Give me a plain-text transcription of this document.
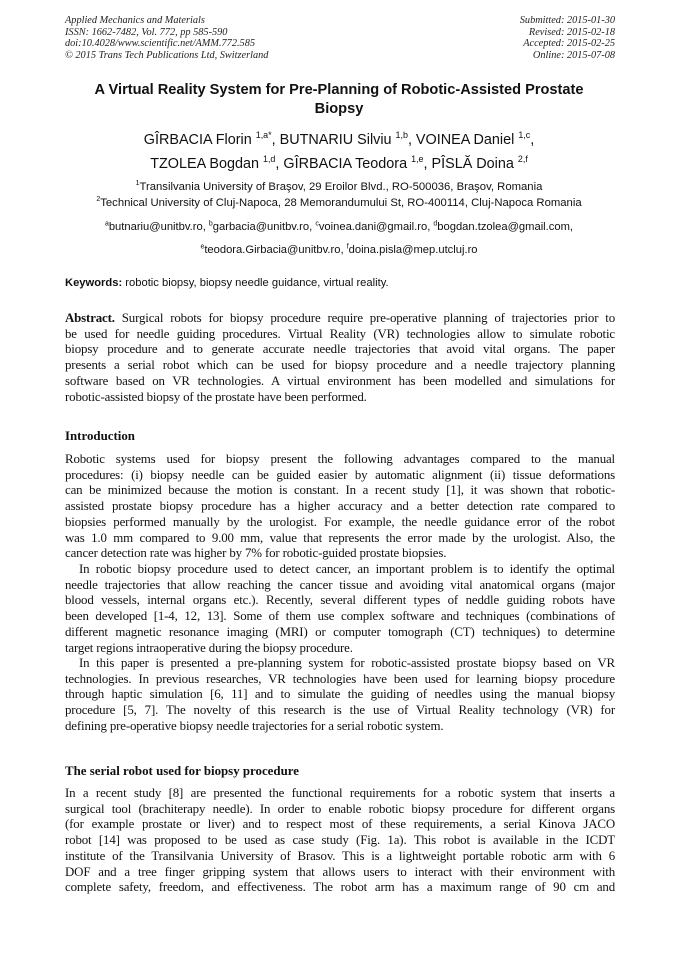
Applied Mechanics and Materials
ISSN: 1662-7482, Vol. 772, pp 585-590
doi:10.4028/www.scientific.net/AMM.772.585
© 2015 Trans Tech Publications Ltd, Switzerland
Submitted: 2015-01-30
Revised: 2015-02-18
Accepted: 2015-02-25
Online: 2015-07-08
A Virtual Reality System for Pre-Planning of Robotic-Assisted Prostate
Biopsy
GÎRBACIA Florin $^{1,a*}$, BUTNARIU Silviu $^{1,b}$, VOINEA Daniel $^{1,c}$,
TZOLEA Bogdan $^{1,d}$, GÎRBACIA Teodora $^{1,e}$, PÎSLĂ Doina $^{2,f}$
$^1$Transilvania University of Braşov, 29 Eroilor Blvd., RO-500036, Braşov, Romania
$^2$Technical University of Cluj-Napoca, 28 Memorandumului St, RO-400114, Cluj-Napoca Romania
$^a$butnariu@unitbv.ro, $^b$garbacia@unitbv.ro, $^c$voinea.dani@gmail.ro, $^d$bogdan.tzolea@gmail.com,
$^e$teodora.Girbacia@unitbv.ro, $^f$doina.pisla@mep.utcluj.ro
Keywords: robotic biopsy, biopsy needle guidance, virtual reality.
Abstract. Surgical robots for biopsy procedure require pre-operative planning of trajectories prior to
be used for needle guiding procedures. Virtual Reality (VR) technologies allow to simulate robotic
biopsy procedure and to generate accurate needle trajectories that avoid vital organs. The paper
presents a serial robot which can be used for biopsy procedure and a needle trajectory planning
software based on VR technologies. A virtual environment has been modelled and simulations for
robotic-assisted biopsy of the prostate have been performed.
Introduction
Robotic systems used for biopsy present the following advantages compared to the manual
procedures: (i) biopsy needle can be guided easier by automatic alignment (ii) tissue deformations
can be minimized because the motion is constant. In a recent study [1], it was shown that robotic-
assisted prostate biopsy procedure has a higher accuracy and a better detection rate compared to
biopsies performed manually by the urologist. For example, the needle guidance error of the robot
was 1.0 mm compared to 9.00 mm, value that represents the error made by the urologist. Also, the
cancer detection rate was higher by 7% for robotic-guided prostate biopsies.
In robotic biopsy procedure used to detect cancer, an important problem is to identify the optimal
needle trajectories that allow reaching the cancer tissue and avoiding vital anatomical organs (major
blood vessels, internal organs etc.). Recently, several different types of neddle guiding robots have
been developed [1-4, 12, 13]. Some of them use complex software and techniques (combinations of
different magnetic resonance imaging (MRI) or computer tomograph (CT) techniques) to determine
target regions intraoperative during the biopsy procedure.
In this paper is presented a pre-planning system for robotic-assisted prostate biopsy based on VR
technologies. In previous researches, VR technologies have been used for learning biopsy procedure
through haptic simulation [6, 11] and to simulate the guiding of needles using the manual biopsy
procedure [5, 7]. The novelty of this research is the use of Virtual Reality technology (VR) for
defining pre-operative biopsy needle trajectories for a serial robotic system.
The serial robot used for biopsy procedure
In a recent study [8] are presented the functional requirements for a robotic system that inserts a
surgical tool (brachiterapy needle). In order to enable robotic biopsy procedure for different organs
(for example prostate or liver) and to respect most of these requirements, a serial Kinova JACO
robot [14] was proposed to be used as case study (Fig. 1a). This robot is available in the ICDT
institute of the Transilvania University of Brasov. This is a lightweight portable robotic arm with 6
DOF and a tree finger gripping system that allows users to interact with their environment with
complete safety, freedom, and effectiveness. The robot arm has a maximum range of 90 cm and
